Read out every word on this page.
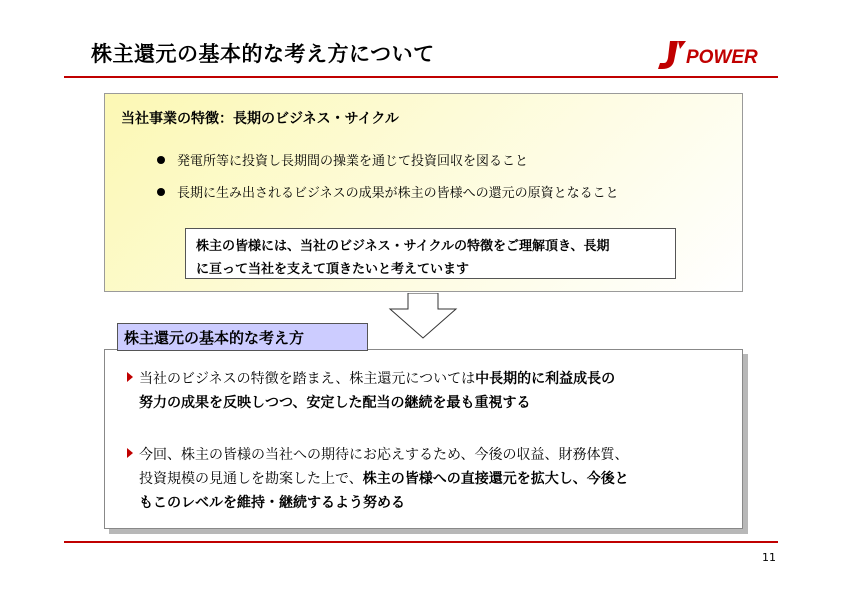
株主還元の基本的な考え方について	POWER
当社事業の特徴：長期のビジネス・サイクル
発電所等に投資し長期間の操業を通じて投資回収を図ること
長期に生み出されるビジネスの成果が株主の皆様への還元の原資となること
株主の皆様には、当社のビジネス・サイクルの特徴をご理解頂き、長期
に亘って当社を支えて頂きたいと考えています
株主還元の基本的な考え方
当社のビジネスの特徴を踏まえ、株主還元については中長期的に利益成長の
努力の成果を反映しつつ、安定した配当の継続を最も重視する
今回、株主の皆様の当社への期待にお応えするため、今後の収益、財務体質、
投資規模の見通しを勘案した上で、株主の皆様への直接還元を拡大し、今後と
もこのレベルを維持・継続するよう努める
11
